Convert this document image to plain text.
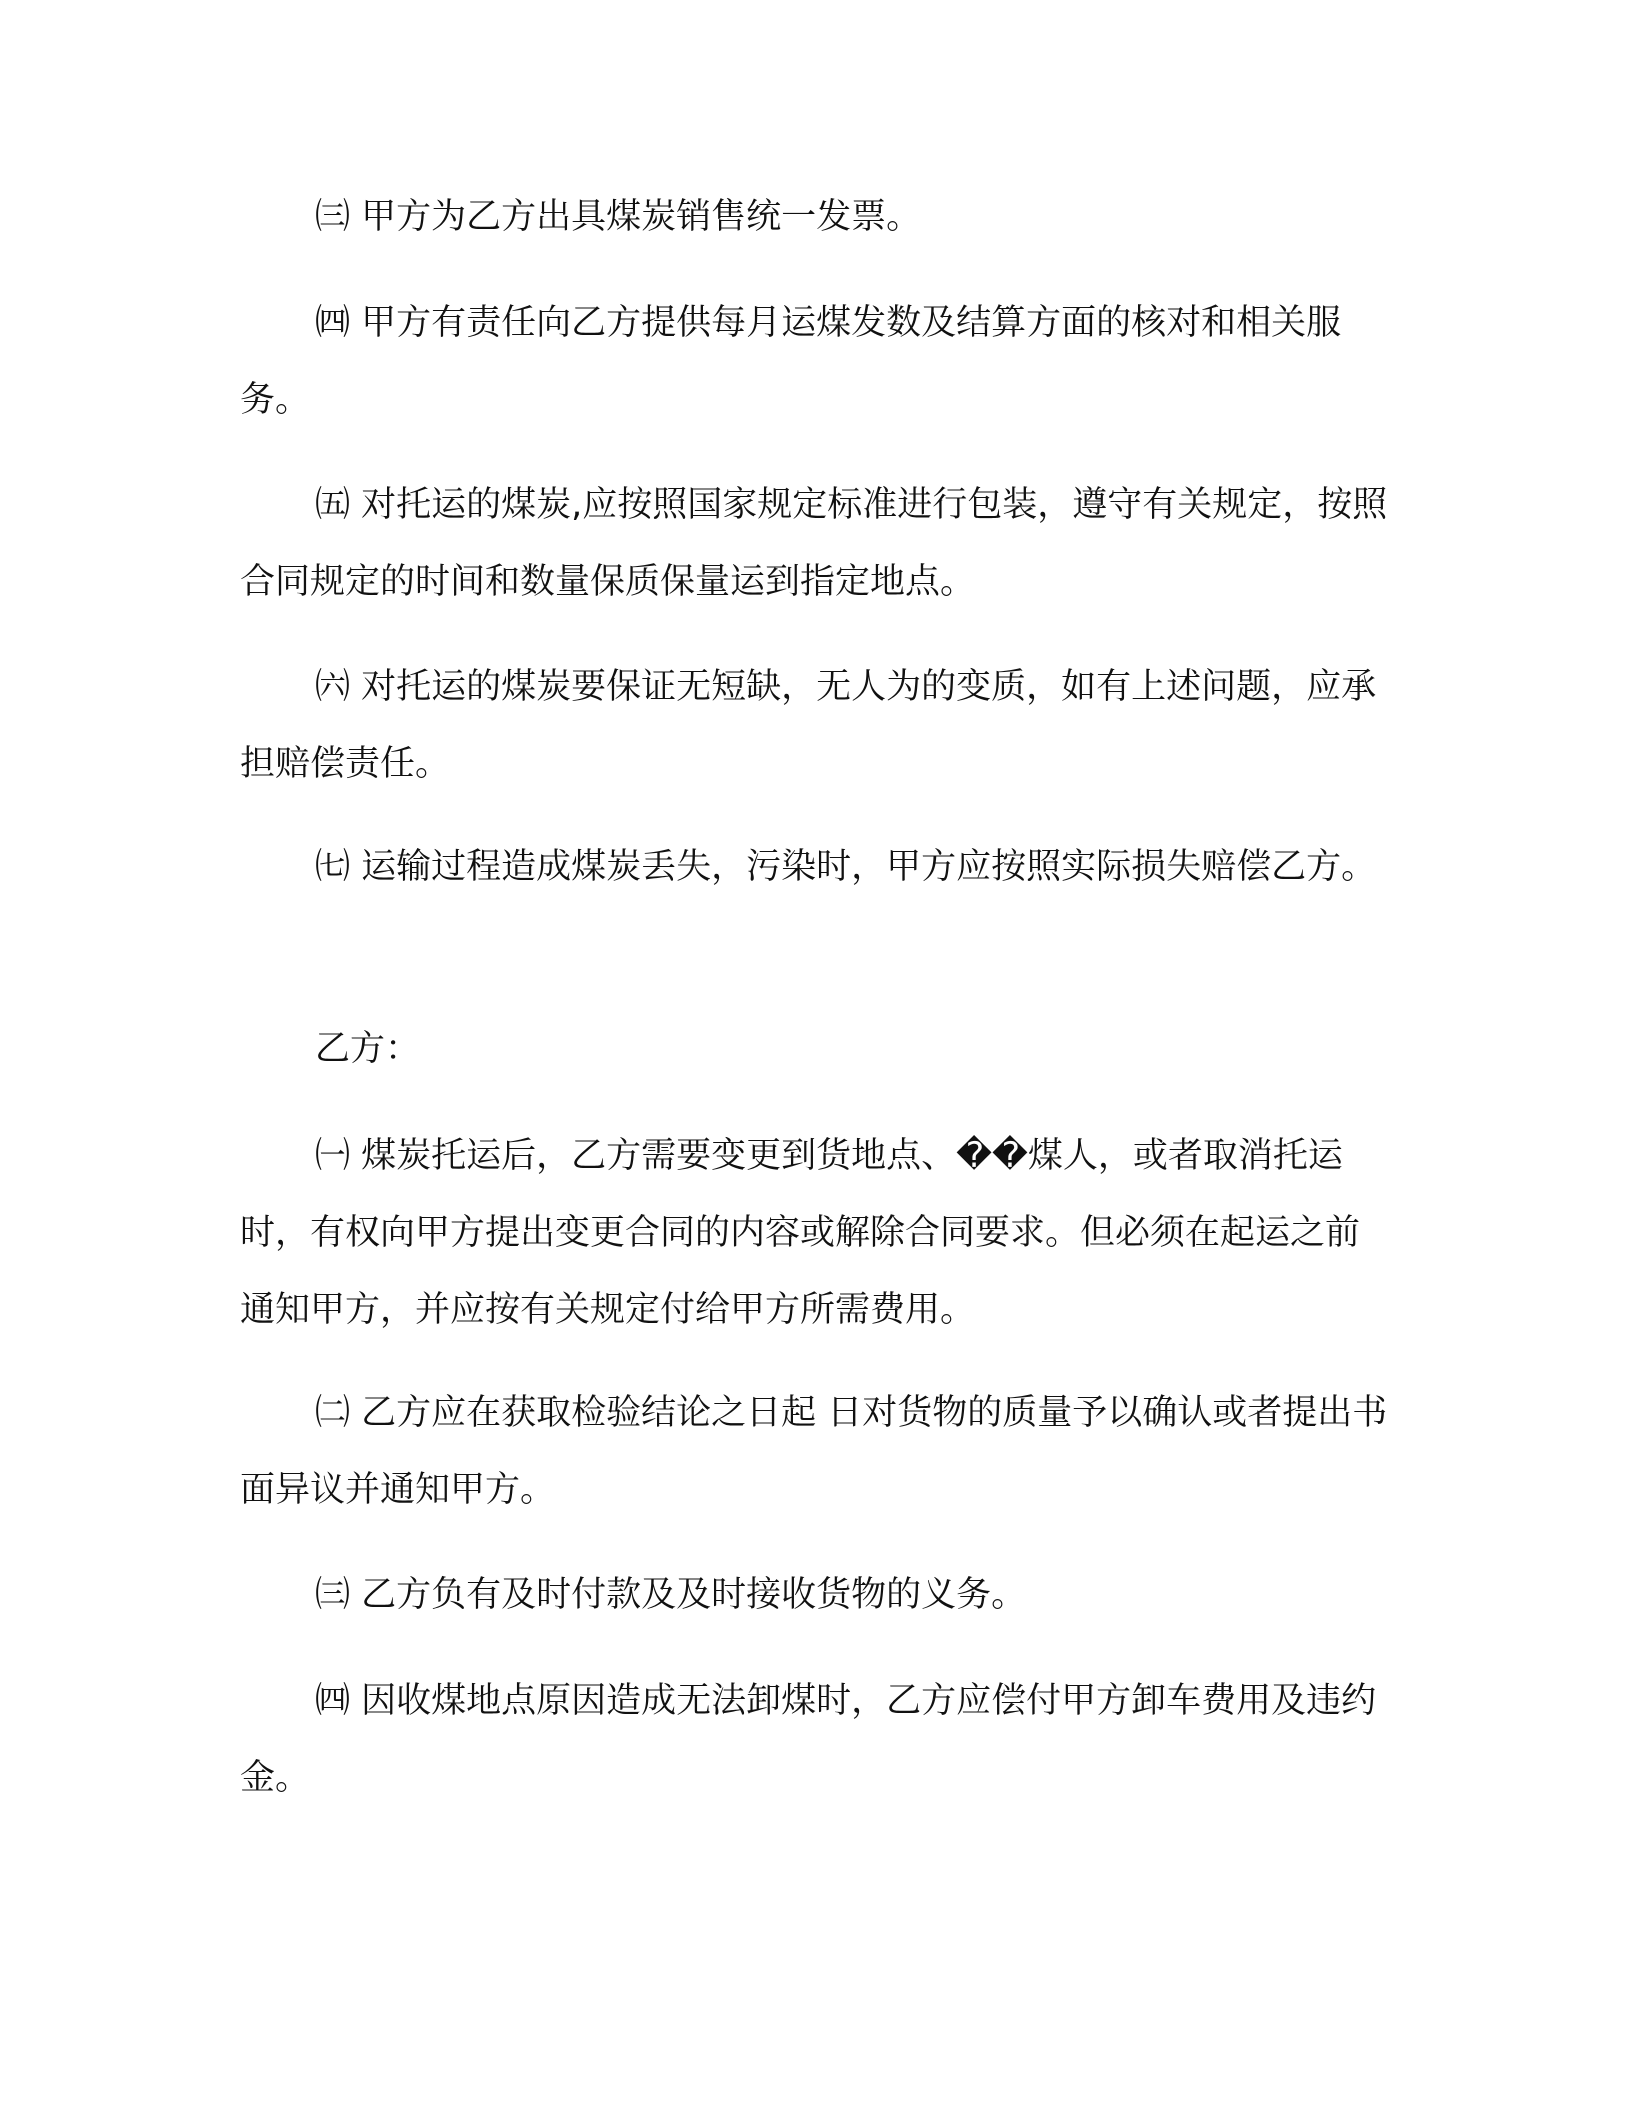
㈢ 甲方为乙方出具煤炭销售统一发票。

㈣ 甲方有责任向乙方提供每月运煤发数及结算方面的核对和相关服务。

㈤ 对托运的煤炭,应按照国家规定标准进行包装，遵守有关规定，按照合同规定的时间和数量保质保量运到指定地点。

㈥ 对托运的煤炭要保证无短缺，无人为的变质，如有上述问题，应承担赔偿责任。

㈦ 运输过程造成煤炭丢失，污染时，甲方应按照实际损失赔偿乙方。

乙方：

㈠ 煤炭托运后，乙方需要变更到货地点、��煤人，或者取消托运时，有权向甲方提出变更合同的内容或解除合同要求。但必须在起运之前通知甲方，并应按有关规定付给甲方所需费用。

㈡ 乙方应在获取检验结论之日起 日对货物的质量予以确认或者提出书面异议并通知甲方。

㈢ 乙方负有及时付款及及时接收货物的义务。

㈣ 因收煤地点原因造成无法卸煤时，乙方应偿付甲方卸车费用及违约金。
